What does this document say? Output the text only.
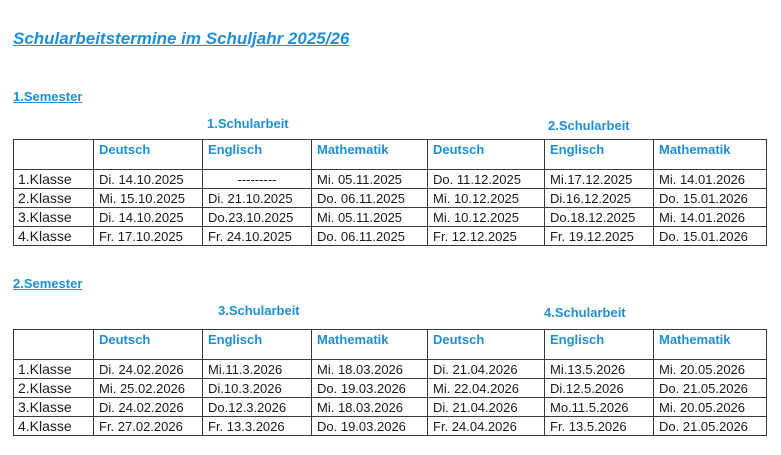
Schularbeitstermine im Schuljahr 2025/26
1.Semester
1.Schularbeit	2.Schularbeit
	Deutsch	Englisch	Mathematik	Deutsch	Englisch	Mathematik
1.Klasse	Di. 14.10.2025	---------	Mi. 05.11.2025	Do. 11.12.2025	Mi.17.12.2025	Mi. 14.01.2026
2.Klasse	Mi. 15.10.2025	Di. 21.10.2025	Do. 06.11.2025	Mi. 10.12.2025	Di.16.12.2025	Do. 15.01.2026
3.Klasse	Di. 14.10.2025	Do.23.10.2025	Mi. 05.11.2025	Mi. 10.12.2025	Do.18.12.2025	Mi. 14.01.2026
4.Klasse	Fr. 17.10.2025	Fr. 24.10.2025	Do. 06.11.2025	Fr. 12.12.2025	Fr. 19.12.2025	Do. 15.01.2026
2.Semester
3.Schularbeit	4.Schularbeit
	Deutsch	Englisch	Mathematik	Deutsch	Englisch	Mathematik
1.Klasse	Di. 24.02.2026	Mi.11.3.2026	Mi. 18.03.2026	Di. 21.04.2026	Mi.13.5.2026	Mi. 20.05.2026
2.Klasse	Mi. 25.02.2026	Di.10.3.2026	Do. 19.03.2026	Mi. 22.04.2026	Di.12.5.2026	Do. 21.05.2026
3.Klasse	Di. 24.02.2026	Do.12.3.2026	Mi. 18.03.2026	Di. 21.04.2026	Mo.11.5.2026	Mi. 20.05.2026
4.Klasse	Fr. 27.02.2026	Fr. 13.3.2026	Do. 19.03.2026	Fr. 24.04.2026	Fr. 13.5.2026	Do. 21.05.2026
